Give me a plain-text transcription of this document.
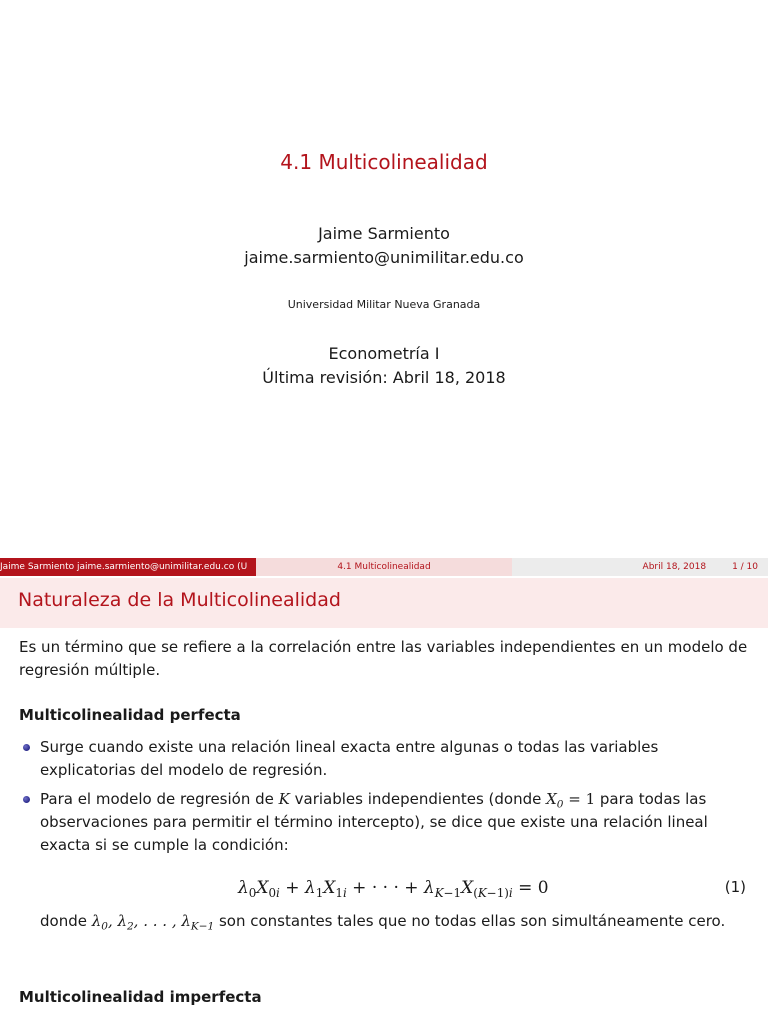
4.1 Multicolinealidad
Jaime Sarmiento
jaime.sarmiento@unimilitar.edu.co
Universidad Militar Nueva Granada
Econometría I
Última revisión: Abril 18, 2018
Jaime Sarmiento jaime.sarmiento@unimilitar.edu.co (U	4.1 Multicolinealidad	Abril 18, 2018	1 / 10
Naturaleza de la Multicolinealidad
Es un término que se refiere a la correlación entre las variables independientes en un modelo de regresión múltiple.
Multicolinealidad perfecta
Surge cuando existe una relación lineal exacta entre algunas o todas las variables explicatorias del modelo de regresión.
Para el modelo de regresión de K variables independientes (donde $X_0 = 1$ para todas las observaciones para permitir el término intercepto), se dice que existe una relación lineal exacta si se cumple la condición:
$\lambda_0X_{0i} + \lambda_1X_{1i}$ + · · · + $\lambda_{K-1}X_{(K-1)i} = 0$	(1)
donde $\lambda_0$, $\lambda_2$, . . . , $\lambda_{K-1}$ son constantes tales que no todas ellas son simultáneamente cero.
Multicolinealidad imperfecta
